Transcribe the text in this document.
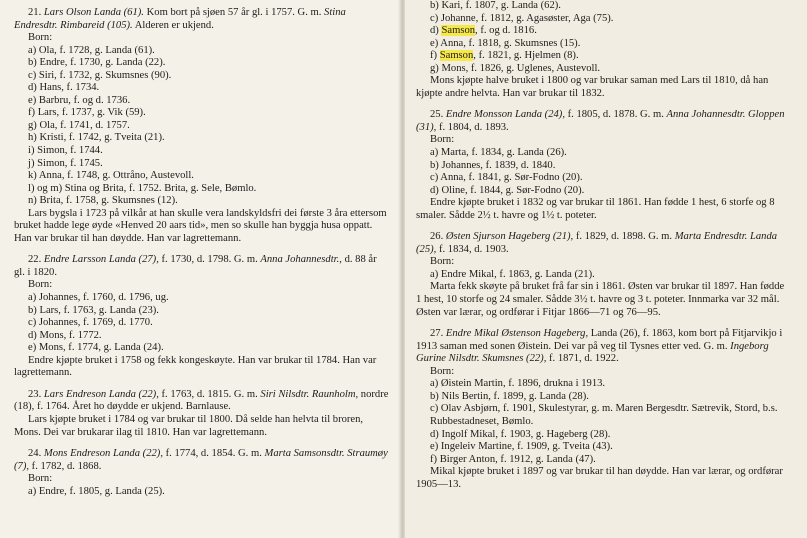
21. Lars Olson Landa (61). Kom bort på sjøen 57 år gl. i 1757. G. m. Stina Endresdtr. Rimbareid (105). Alderen er ukjend.

Born:

a) Ola, f. 1728, g. Landa (61).

b) Endre, f. 1730, g. Landa (22).

c) Siri, f. 1732, g. Skumsnes (90).

d) Hans, f. 1734.

e) Barbru, f. og d. 1736.

f) Lars, f. 1737, g. Vik (59).

g) Ola, f. 1741, d. 1757.

h) Kristi, f. 1742, g. Tveita (21).

i) Simon, f. 1744.

j) Simon, f. 1745.

k) Anna, f. 1748, g. Ottråno, Austevoll.

l) og m) Stina og Brita, f. 1752. Brita, g. Sele, Bømlo.

n) Brita, f. 1758, g. Skumsnes (12).

Lars bygsla i 1723 på vilkår at han skulle vera landskyldsfri dei første 3 åra ettersom bruket hadde lege øyde «Henved 20 aars tid», men so skulle han byggja husa oppatt. Han var brukar til han døydde. Han var lagrettemann.

22. Endre Larsson Landa (27), f. 1730, d. 1798. G. m. Anna Johannesdtr., d. 88 år gl. i 1820.

Born:

a) Johannes, f. 1760, d. 1796, ug.

b) Lars, f. 1763, g. Landa (23).

c) Johannes, f. 1769, d. 1770.

d) Mons, f. 1772.

e) Mons, f. 1774, g. Landa (24).

Endre kjøpte bruket i 1758 og fekk kongeskøyte. Han var brukar til 1784. Han var lagrettemann.

23. Lars Endreson Landa (22), f. 1763, d. 1815. G. m. Siri Nilsdtr. Raunholm, nordre (18), f. 1764. Året ho døydde er ukjend. Barnlause.

Lars kjøpte bruket i 1784 og var brukar til 1800. Då selde han helvta til broren, Mons. Dei var brukarar ilag til 1810. Han var lagrettemann.

24. Mons Endreson Landa (22), f. 1774, d. 1854. G. m. Marta Samsonsdtr. Straumøy (7), f. 1782, d. 1868.

Born:

a) Endre, f. 1805, g. Landa (25).

b) Kari, f. 1807, g. Landa (62).

c) Johanne, f. 1812, g. Agasøster, Aga (75).

d) Samson, f. og d. 1816.

e) Anna, f. 1818, g. Skumsnes (15).

f) Samson, f. 1821, g. Hjelmen (8).

g) Mons, f. 1826, g. Uglenes, Austevoll.

Mons kjøpte halve bruket i 1800 og var brukar saman med Lars til 1810, då han kjøpte andre helvta. Han var brukar til 1832.

25. Endre Monsson Landa (24), f. 1805, d. 1878. G. m. Anna Johannesdtr. Gloppen (31), f. 1804, d. 1893.

Born:

a) Marta, f. 1834, g. Landa (26).

b) Johannes, f. 1839, d. 1840.

c) Anna, f. 1841, g. Sør-Fodno (20).

d) Oline, f. 1844, g. Sør-Fodno (20).

Endre kjøpte bruket i 1832 og var brukar til 1861. Han fødde 1 hest, 6 storfe og 8 smaler. Sådde 2½ t. havre og 1½ t. poteter.

26. Østen Sjurson Hageberg (21), f. 1829, d. 1898. G. m. Marta Endresdtr. Landa (25), f. 1834, d. 1903.

Born:

a) Endre Mikal, f. 1863, g. Landa (21).

Marta fekk skøyte på bruket frå far sin i 1861. Østen var brukar til 1897. Han fødde 1 hest, 10 storfe og 24 smaler. Sådde 3½ t. havre og 3 t. poteter. Innmarka var 32 mål. Østen var lærar, og ordførar i Fitjar 1866—71 og 76—95.

27. Endre Mikal Østenson Hageberg, Landa (26), f. 1863, kom bort på Fitjarvikjo i 1913 saman med sonen Øistein. Dei var på veg til Tysnes etter ved. G. m. Ingeborg Gurine Nilsdtr. Skumsnes (22), f. 1871, d. 1922.

Born:

a) Øistein Martin, f. 1896, drukna i 1913.

b) Nils Bertin, f. 1899, g. Landa (28).

c) Olav Asbjørn, f. 1901, Skulestyrar, g. m. Maren Bergesdtr. Sætrevik, Stord, b.s. Rubbestadneset, Bømlo.

d) Ingolf Mikal, f. 1903, g. Hageberg (28).

e) Ingeleiv Martine, f. 1909, g. Tveita (43).

f) Birger Anton, f. 1912, g. Landa (47).

Mikal kjøpte bruket i 1897 og var brukar til han døydde. Han var lærar, og ordførar 1905—13.
